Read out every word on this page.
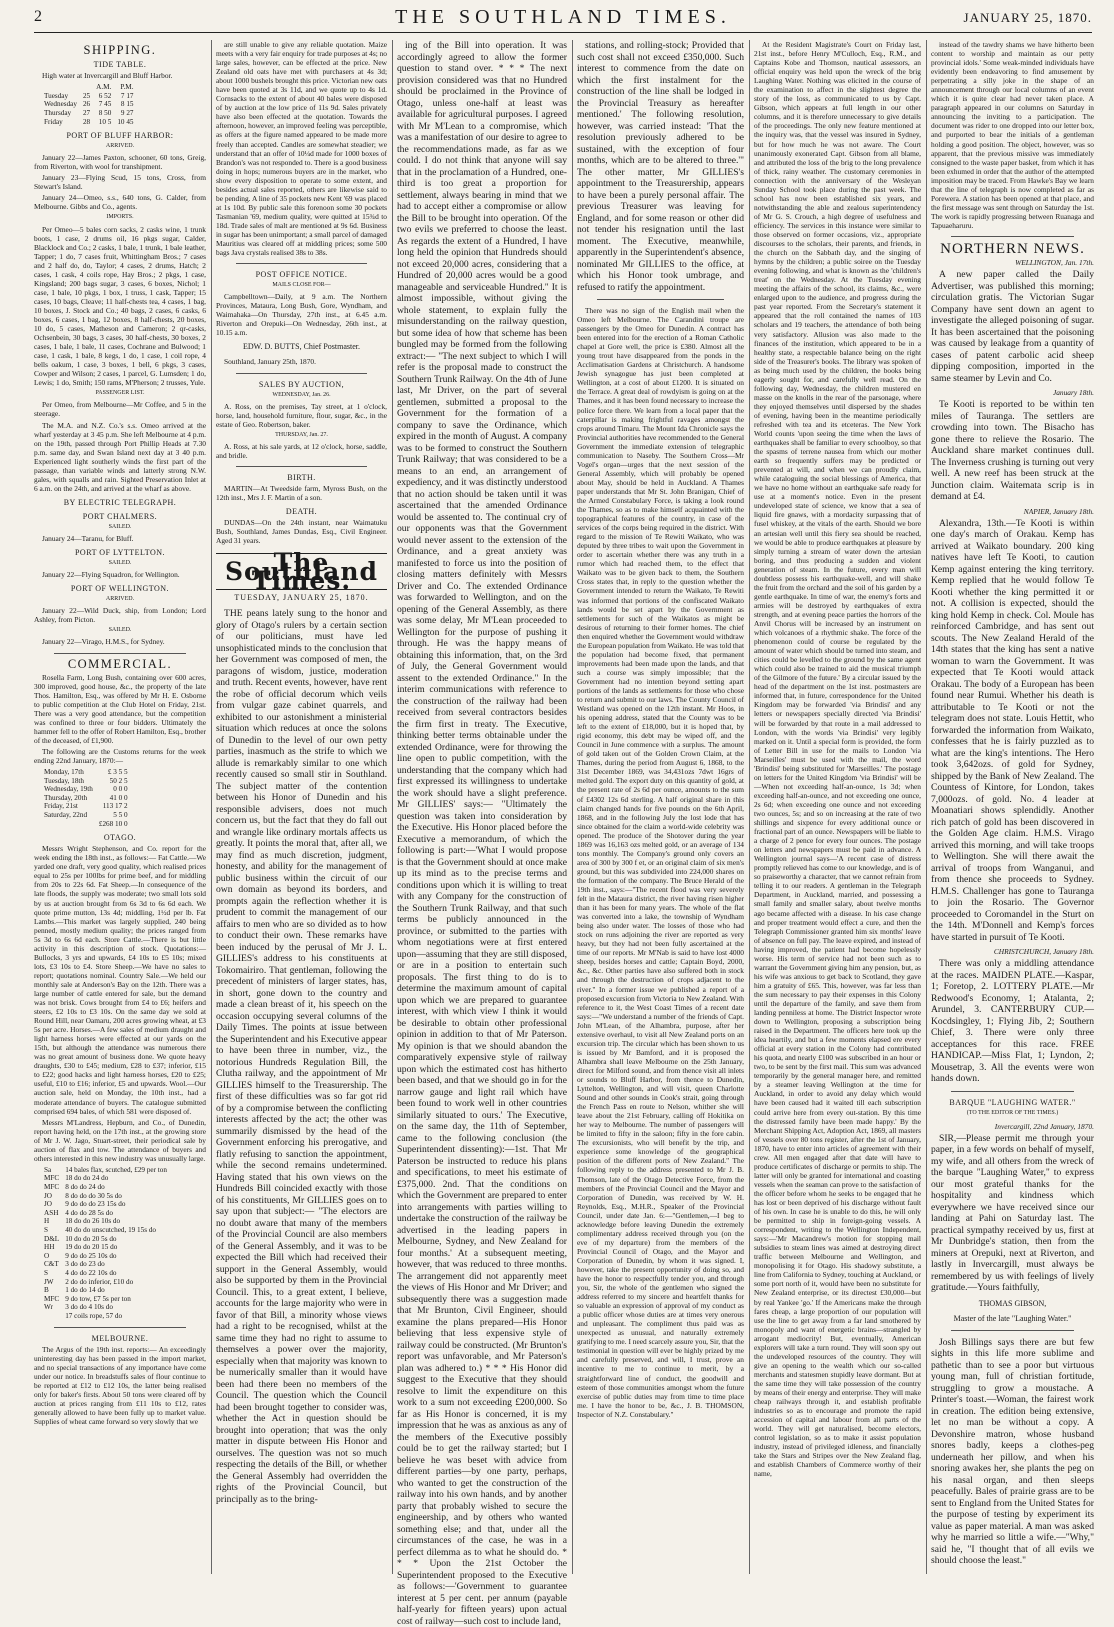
2	THE SOUTHLAND TIMES.	JANUARY 25, 1870.
SHIPPING.
TIDE TABLE.

High water at Invercargill and Bluff Harbor.

		A.M.	P.M.
Tuesday	25	6 52	7 17
Wednesday	26	7 45	8 15
Thursday	27	8 50	9 27
Friday	28	10 5	10 45
PORT OF BLUFF HARBOR:
ARRIVED.

January 22—James Paxton, schooner, 60 tons, Greig, from Riverton, with wool for transhipment.

January 23—Flying Scud, 15 tons, Cross, from Stewart's Island.

January 24—Omeo, s.s., 640 tons, G. Calder, from Melbourne. Gibbs and Co., agents.

IMPORTS.

Per Omeo—5 bales corn sacks, 2 casks wine, 1 trunk boots, 1 case, 2 drums oil, 16 pkgs sugar, Calder, Blacklock and Co.; 2 casks, 1 bale, 1 trunk, 1 bale leather, Tapper; 1 do, 7 cases fruit, Whittingham Bros.; 7 cases and 2 half do, do, Taylor; 4 cases, 2 drums, Hatch; 2 cases, 1 cask, 4 coils rope, Hay Bros.; 2 pkgs, 1 case, Kingsland; 200 bags sugar, 3 cases, 6 boxes, Nichol; 1 case, 1 bale, 10 pkgs, 1 box, 1 truss, 1 cask, Tapper; 15 cases, 10 bags, Cleave; 11 half-chests tea, 4 cases, 1 bag, 10 boxes, J. Stock and Co.; 40 bags, 2 cases, 6 casks, 6 boxes, 6 cases, 1 bag, 12 boxes, 8 half-chests, 20 boxes, 10 do, 5 cases, Matheson and Cameron; 2 qr-casks, Ochsenbein, 30 bags, 3 cases, 30 half-chests, 30 boxes, 2 cases, 1 bale, 1 bale, 11 cases, Cochrane and Bulwood; 1 case, 1 cask, 1 bale, 8 kegs, 1 do, 1 case, 1 coil rope, 4 bells oakum, 1 case, 3 boxes, 1 bell, 6 pkgs, 3 cases, Cowper and Wilson; 2 cases, 1 parcel, G. Lumsden; 1 do, Lewis; 1 do, Smith; 150 rams, M'Pherson; 2 trusses, Yule.

PASSENGER LIST.

Per Omeo, from Melbourne—Mr Coffee, and 5 in the steerage.

The M.A. and N.Z. Co.'s s.s. Omeo arrived at the wharf yesterday at 3 45 p.m. She left Melbourne at 4 p.m. on the 19th, passed through Port Phillip Heads at 7.30 p.m. same day, and Swan Island next day at 3 40 p.m. Experienced light southerly winds the first part of the passage, than variable winds and latterly strong N.W. gales, with squalls and rain. Sighted Preservation Inlet at 6 a.m. on the 24th, and arrived at the wharf as above.

BY ELECTRIC TELEGRAPH.
PORT CHALMERS.
SAILED.

January 24—Taranu, for Bluff.

PORT OF LYTTELTON.
SAILED.

January 22—Flying Squadron, for Wellington.

PORT OF WELLINGTON.
ARRIVED.

January 22—Wild Duck, ship, from London; Lord Ashley, from Picton.

SAILED.

January 22—Virago, H.M.S., for Sydney.

COMMERCIAL.

Rosella Farm, Long Bush, containing over 600 acres, 300 improved, good house, &c., the property of the late Thos. Hamilton, Esq., was offered by Mr H. E. Osborne to public competition at the Club Hotel on Friday, 21st. There was a very good attendance, but the competition was confined to three or four bidders. Ultimately the hammer fell to the offer of Robert Hamilton, Esq., brother of the deceased, of £1,900.

The following are the Customs returns for the week ending 22nd January, 1870:—

Monday, 17th	£ 3 5 5
Tuesday, 18th	50 2 5
Wednesday, 19th	0 0 0
Thursday, 20th	41 0 0
Friday, 21st	113 17 2
Saturday, 22nd	5 5 0
	£268 10 0
OTAGO.

Messrs Wright Stephenson, and Co. report for the week ending the 18th inst., as follows:— Fat Cattle.—We yarded one draft, very good quality, which realised prices equal to 25s per 100lbs for prime beef, and for middling from 20s to 22s 6d. Fat Sheep.—In consequence of the late floods, the supply was moderate; two small lots sold by us at auction brought from 6s 3d to 6s 6d each. We quote prime mutton, 13s 4d; middling, 1½d per lb. Fat Lambs.—This market was largely supplied, 240 being penned, mostly medium quality; the prices ranged from 5s 3d to 6s 6d each. Store Cattle.—There is but little activity in this description of stock. Quotations:—Bullocks, 3 yrs and upwards, £4 10s to £5 10s; mixed lots, £3 10s to £4. Store Sheep.—We have no sales to report; quotations nominal. Country Sale.—We held our monthly sale at Anderson's Bay on the 12th. There was a large number of cattle entered for sale, but the demand was not brisk. Cows brought from £4 to £6; heifers and steers, £2 10s to £3 10s. On the same day we sold at Round Hill, near Oamaru, 200 acres growing wheat, at £3 5s per acre. Horses.—A few sales of medium draught and light harness horses were effected at our yards on the 15th, but although the attendance was numerous there was no great amount of business done. We quote heavy draughts, £30 to £45; medium, £28 to £37; inferior, £15 to £22; good hacks and light harness horses, £20 to £25; useful, £10 to £16; inferior, £5 and upwards. Wool.—Our auction sale, held on Monday, the 10th inst., had a moderate attendance of buyers. The catalogue submitted comprised 694 bales, of which 581 were disposed of.

Messrs M'Landress, Hepburn, and Co., of Dunedin, report having held, on the 17th inst., at the growing store of Mr J. W. Jago, Stuart-street, their periodical sale by auction of flax and tow. The attendance of buyers and others interested in this new industry was unusually large.

Sa	14 bales flax, scutched, £29 per ton
MFC	18 do do 24 do
MFC	8 do do 24 do
JO	8 do do do 30 5s do
JO	9 do do do 23 15s do
ASH	4 do do 28 5s do
H	18 do do 26 10s do
S	40 do do unscutched, 19 15s do
D&L	10 do do 20 5s do
HH	19 do do 20 15 do
O	9 do do 25 10s do
C&T	3 do do 23 do
S	4 do do 22 10s do
JW	2 do do inferior, £10 do
B	1 do do 14 do
MFC	9 do tow, £7 5s per ton
Wr	3 do do 4 10s do
	17 coils rope, 57 do
MELBOURNE.

The Argus of the 19th inst. reports:— An exceedingly uninteresting day has been passed in the import market, and no special transactions of any importance have come under our notice. In breadstuffs sales of flour continue to be reported at £12 to £12 10s, the latter being realised only for baker's firsts. About 50 tons were cleared off by auction at prices ranging from £11 10s to £12, rates generally allowed to have been fully up to market value. Supplies of wheat came forward so very slowly that we

are still unable to give any reliable quotation. Maize meets with a very fair enquiry for trade purposes at 4s; no large sales, however, can be effected at the price. New Zealand old oats have met with purchasers at 4s 3d; about 1000 bushels brought this price. Victorian new oats have been quoted at 3s 11d, and we quote up to 4s 1d. Cornsacks to the extent of about 40 bales were disposed of by auction at the low price of 11s 9d. Sales privately have also been effected at the quotation. Towards the afternoon, however, an improved feeling was perceptible, as offers at the figure named appeared to be made more freely than accepted. Candles are somewhat steadier; we understand that an offer of 10¼d made for 1000 boxes of Brandon's was not responded to. There is a good business doing in hops; numerous buyers are in the market, who show every disposition to operate to some extent, and besides actual sales reported, others are likewise said to be pending. A line of 35 pockets new Kent '69 was placed at 1s 10d. By public sale this forenoon some 30 pockets Tasmanian '69, medium quality, were quitted at 15¾d to 18d. Trade sales of malt are mentioned at 9s 6d. Business in sugar has been unimportant; a small parcel of damaged Mauritius was cleared off at middling prices; some 500 bags Java crystals realised 38s to 38s.

POST OFFICE NOTICE.
MAILS CLOSE FOR—

Campbelltown—Daily, at 9 a.m. The Northern Provinces, Mataura, Long Bush, Gore, Wyndham, and Waimahaka—On Thursday, 27th inst., at 6.45 a.m. Riverton and Orepuki—On Wednesday, 26th inst., at 10.15 a.m.

EDW. D. BUTTS, Chief Postmaster.

Southland, January 25th, 1870.

SALES BY AUCTION,
WEDNESDAY, Jan. 26.

A. Ross, on the premises, Tay street, at 1 o'clock, horse, land, household furniture, flour, sugar, &c., in the estate of Geo. Robertson, baker.

THURSDAY, Jan. 27.

A. Ross, at his sale yards, at 12 o'clock, horse, saddle, and bridle.

BIRTH.

MARTIN—At Tweedside farm, Myross Bush, on the 12th inst., Mrs J. F. Martin of a son.

DEATH.

DUNDAS—On the 24th instant, near Waimatuku Bush, Southland, James Dundas, Esq., Civil Engineer. Aged 31 years.

The Southland Times.
TUESDAY, JANUARY 25, 1870.

THE peans lately sung to the honor and glory of Otago's rulers by a certain section of our politicians, must have led unsophisticated minds to the conclusion that her Government was composed of men, the paragons of wisdom, justice, moderation and truth. Recent events, however, have rent the robe of official decorum which veils from vulgar gaze cabinet quarrels, and exhibited to our astonishment a ministerial situation which reduces at once the solons of Dunedin to the level of our own petty parties, inasmuch as the strife to which we allude is remarkably similar to one which recently caused so small stir in Southland. The subject matter of the contention between his Honor of Dunedin and his responsible advisers, does not much concern us, but the fact that they do fall out and wrangle like ordinary mortals affects us greatly. It points the moral that, after all, we may find as much discretion, judgment, honesty, and ability for the management of public business within the circuit of our own domain as beyond its borders, and prompts again the reflection whether it is prudent to commit the management of our affairs to men who are so divided as to how to conduct their own. These remarks have been induced by the perusal of Mr J. L. GILLIES's address to his constituents at Tokomairiro. That gentleman, following the precedent of ministers of larger states, has, in short, gone down to the country and made a clean breast of it, his speech on the occasion occupying several columns of the Daily Times. The points at issue between the Superintendent and his Executive appear to have been three in number, viz., the notorious Hundreds Regulation Bill, the Clutha railway, and the appointment of Mr GILLIES himself to the Treasurership. The first of these difficulties was so far got rid of by a compromise between the conflicting interests affected by the act; the other was summarily dismissed by the head of the Government enforcing his prerogative, and flatly refusing to sanction the appointment, while the second remains undetermined. Having stated that his own views on the Hundreds Bill coincided exactly with those of his constituents, Mr GILLIES goes on to say upon that subject:— "The electors are no doubt aware that many of the members of the Provincial Council are also members of the General Assembly, and it was to be expected the Bill which had received their support in the General Assembly, would also be supported by them in the Provincial Council. This, to a great extent, I believe, accounts for the large majority who were in favor of that Bill, a minority whose views had a right to be recognised, whilst at the same time they had no right to assume to themselves a power over the majority, especially when that majority was known to be numerically smaller than it would have been had there been no members of the Council. The question which the Council had been brought together to consider was, whether the Act in question should be brought into operation; that was the only matter in dispute between His Honor and ourselves. The question was not so much respecting the details of the Bill, or whether the General Assembly had overridden the rights of the Provincial Council, but principally as to the bring-

ing of the Bill into operation. It was accordingly agreed to allow the former question to stand over. * * * The next provision considered was that no Hundred should be proclaimed in the Province of Otago, unless one-half at least was available for agricultural purposes. I agreed with Mr M'Lean to a compromise, which was a manifestation of our desire to agree to the recommendations made, as far as we could. I do not think that anyone will say that in the proclamation of a Hundred, one-third is too great a proportion for settlement, always bearing in mind that we had to accept either a compromise or allow the Bill to be brought into operation. Of the two evils we preferred to choose the least. As regards the extent of a Hundred, I have long held the opinion that Hundreds should not exceed 20,000 acres, considering that a Hundred of 20,000 acres would be a good manageable and serviceable Hundred." It is almost impossible, without giving the whole statement, to explain fully the misunderstanding on the railway question, but some idea of how that scheme has been bungled may be formed from the following extract:— "The next subject to which I will refer is the proposal made to construct the Southern Trunk Railway. On the 4th of June last, Mr Driver, on the part of several gentlemen, submitted a proposal to the Government for the formation of a company to save the Ordinance, which expired in the month of August. A company was to be formed to construct the Southern Trunk Railway; that was considered to be a means to an end, an arrangement of expediency, and it was distinctly understood that no action should be taken until it was ascertained that the amended Ordinance would be assented to. The continual cry of our opponents was that the Government would never assent to the extension of the Ordinance, and a great anxiety was manifested to force us into the position of closing matters definitely with Messrs Driver and Co. The extended Ordinance was forwarded to Wellington, and on the opening of the General Assembly, as there was some delay, Mr M'Lean proceeded to Wellington for the purpose of pushing it through. He was the happy means of obtaining this information, that, on the 3rd of July, the General Government would assent to the extended Ordinance." In the interim communications with reference to the construction of the railway had been received from several contractors besides the firm first in treaty. The Executive, thinking better terms obtainable under the extended Ordinance, were for throwing the line open to public competition, with the understanding that the company which had first expressed its willingness to undertake the work should have a slight preference. Mr GILLIES' says:— "Ultimately the question was taken into consideration by the Executive. His Honor placed before the Executive a memorandum, of which the following is part:—'What I would propose is that the Government should at once make up its mind as to the precise terms and conditions upon which it is willing to treat with any Company for the construction of the Southern Trunk Railway, and that such terms be publicly announced in the province, or submitted to the parties with whom negotiations were at first entered upon—assuming that they are still disposed, or are in a position to entertain such proposals. The first thing to do is to determine the maximum amount of capital upon which we are prepared to guarantee interest, with which view I think it would be desirable to obtain other professional opinion in addition to that of Mr Paterson. My opinion is that we should abandon the comparatively expensive style of railway upon which the estimated cost has hitherto been based, and that we should go in for the narrow gauge and light rail which have been found to work well in other countries similarly situated to ours.' The Executive, on the same day, the 11th of September, came to the following conclusion (the Superintendent dissenting):—1st. That Mr Paterson be instructed to reduce his plans and specifications, to meet his estimate of £375,000. 2nd. That the conditions on which the Government are prepared to enter into arrangements with parties willing to undertake the construction of the railway be advertised in the leading papers in Melbourne, Sydney, and New Zealand for four months.' At a subsequent meeting, however, that was reduced to three months. The arrangement did not apparently meet the views of His Honor and Mr Driver; and subsequently there was a suggestion made that Mr Brunton, Civil Engineer, should examine the plans prepared—His Honor believing that less expensive style of railway could be constructed. (Mr Brunton's report was unfavorable, and Mr Paterson's plan was adhered to.) * * * His Honor did suggest to the Executive that they should resolve to limit the expenditure on this work to a sum not exceeding £200,000. So far as His Honor is concerned, it is my impression that he was as anxious as any of the members of the Executive possibly could be to get the railway started; but I believe he was beset with advice from different parties—by one party, perhaps, who wanted to get the construction of the railway into his own hands, and by another party that probably wished to secure the engineership, and by others who wanted something else; and that, under all the circumstances of the case, he was in a perfect dilemma as to what he should do. * * * Upon the 21st October the Superintendent proposed to the Executive as follows:—'Government to guarantee interest at 5 per cent. per annum (payable half-yearly for fifteen years) upon actual cost of railway—such cost to include land,

stations, and rolling-stock; Provided that such cost shall not exceed £350,000. Such interest to commence from the date on which the first instalment for the construction of the line shall be lodged in the Provincial Treasury as hereafter mentioned.' The following resolution, however, was carried instead: 'That the resolution previously adhered to be sustained, with the exception of four months, which are to be altered to three.'" The other matter, Mr GILLIES's appointment to the Treasurership, appears to have been a purely personal affair. The previous Treasurer was leaving for England, and for some reason or other did not tender his resignation until the last moment. The Executive, meanwhile, apparently in the Superintendent's absence, nominated Mr GILLIES to the office, at which his Honor took umbrage, and refused to ratify the appointment.

There was no sign of the English mail when the Omeo left Melbourne. The Carandini troupe are passengers by the Omeo for Dunedin. A contract has been entered into for the erection of a Roman Catholic chapel at Gore well, the price is £380. Almost all the young trout have disappeared from the ponds in the Acclimatisation Gardens at Christchurch. A handsome Jewish synagogue has just been completed at Wellington, at a cost of about £1200. It is situated on the Terrace. A great deal of rowdyism is going on at the Thames, and it has been found necessary to increase the police force there. We learn from a local paper that the caterpillar is making frightful ravages amongst the crops around Timaru. The Mount Ida Chronicle says the Provincial authorities have recommended to the General Government the immediate extension of telegraphic communication to Naseby. The Southern Cross—Mr Vogel's organ—urges that the next session of the General Assembly, which will probably be opened about May, should be held in Auckland. A Thames paper understands that Mr St. John Branigan, Chief of the Armed Constabulary Force, is taking a look round the Thames, so as to make himself acquainted with the topographical features of the country, in case of the services of the corps being required in the district. With regard to the mission of Te Rewiti Waikato, who was deputed by three tribes to wait upon the Government in order to ascertain whether there was any truth in a rumor which had reached them, to the effect that Waikato was to be given back to them, the Southern Cross states that, in reply to the question whether the Government intended to return the Waikato, Te Rewiti was informed that portions of the confiscated Waikato lands would be set apart by the Government as settlements for such of the Waikatos as might be desirous of returning to their former homes. The chief then enquired whether the Government would withdraw the European population from Waikato. He was told that the population had become fixed, that permanent improvements had been made upon the lands, and that such a course was simply impossible; that the Government had no intention beyond setting apart portions of the lands as settlements for those who chose to return and submit to our laws. The County Council of Westland was opened on the 12th instant. Mr Hoos, in his opening address, stated that the County was to be left to the extent of £18,000, but it is hoped that, by rigid economy, this debt may be wiped off, and the Council in June commence with a surplus. The amount of gold taken out of the Golden Crown Claim, at the Thames, during the period from August 6, 1868, to the 31st December 1869, was 34,431ozs 7dwt 16grs of melted gold. The export duty on this quantity of gold, at the present rate of 2s 6d per ounce, amounts to the sum of £4302 12s 6d sterling. A half original share in this claim changed hands for five pounds on the 6th April, 1868, and in the following July the lost lode that has since obtained for the claim a world-wide celebrity was opened. The produce of the Shotover during the year 1869 was 16,163 ozs melted gold, or an average of 134 tons monthly. The Company's ground only covers an area of 300 by 300 f et, or an original claim of six men's ground, but this was subdivided into 224,000 shares on the formation of the company. The Bruce Herald of the 19th inst., says:—"The recent flood was very severely felt in the Mataura district, the river having risen higher than it has been for many years. The whole of the flat was converted into a lake, the township of Wyndham being also under water. The losses of those who had stock on runs adjoining the river are reported as very heavy, but they had not been fully ascertained at the time of our reports. Mr M'Nab is said to have lost 4000 sheep, besides horses and cattle; Captain Boyd, 2000, &c., &c. Other parties have also suffered both in stock and through the destruction of crops adjacent to the river." In a former issue we published a report of a proposed excursion from Victoria to New Zealand. With reference to it, the West Coast Times of a recent date says:—"We understand a number of the friends of Capt. John M'Lean, of the Alhambra, purpose, after her extensive overhaul, to visit all New Zealand ports on an excursion trip. The circular which has been shown to us is issued by Mr Bamford, and it is proposed the Alhambra shall leave Melbourne on the 25th January, direct for Milford sound, and from thence visit all inlets or sounds to Bluff Harbor, from thence to Dunedin, Lyttelton, Wellington, and will visit, queen Charlotte Sound and other sounds in Cook's strait, going through the French Pass en route to Nelson, whither she will leave about the 21st February, calling off Hokitika on her way to Melbourne. The number of passengers will be limited to fifty in the saloon; fifty in the fore cabin. The excursionists, who will benefit by the trip, and experience some knowledge of the geographical position of the different ports of New Zealand." The following reply to the address presented to Mr J. B. Thomson, late of the Otago Detective Force, from the members of the Provincial Council and the Mayor and Corporation of Dunedin, was received by W. H. Reynolds, Esq., M.H.R., Speaker of the Provincial Council, under date Jan. 6:—"Gentlemen,—I beg to acknowledge before leaving Dunedin the extremely complimentary address received through you (on the eve of my departure) from the members of the Provincial Council of Otago, and the Mayor and Corporation of Dunedin, by whom it was signed. I, however, take the present opportunity of doing so, and have the honor to respectfully tender you, and through you, Sir, the whole of the gentlemen who signed the address referred to my sincere and heartfelt thanks for so valuable an expression of approval of my conduct as a public officer whose duties are at times very onerous and unpleasant. The compliment thus paid was as unexpected as unusual, and naturally extremely gratifying to me. I need scarcely assure you, Sir, that the testimonial in question will ever be highly prized by me and carefully preserved, and will, I trust, prove an incentive to me to continue to merit, by a straightforward line of conduct, the goodwill and esteem of those communities amongst whom the future exercise of public duties may from time to time place me. I have the honor to be, &c., J. B. THOMSON, Inspector of N.Z. Constabulary."

At the Resident Magistrate's Court on Friday last, 21st inst., before Henry M'Culloch, Esq., R.M., and Captains Kobe and Thomson, nautical assessors, an official enquiry was held upon the wreck of the brig Laughing Water. Nothing was elicited in the course of the examination to affect in the slightest degree the story of the loss, as communicated to us by Capt. Gibson, which appears at full length in our other columns, and it is therefore unnecessary to give details of the proceedings. The only new feature mentioned at the inquiry was, that the vessel was insured in Sydney, but for how much he was not aware. The Court unanimously exonerated Capt. Gibson from all blame, and attributed the loss of the brig to the long prevalence of thick, rainy weather. The customary ceremonies in connection with the anniversary of the Wesleyan Sunday School took place during the past week. The school has now been established six years, and notwithstanding the able and zealous superintendency of Mr G. S. Crouch, a high degree of usefulness and efficiency. The services in this instance were similar to those observed on former occasions, viz., appropriate discourses to the scholars, their parents, and friends, in the church on the Sabbath day, and the singing of hymns by the children; a public soiree on the Tuesday evening following, and what is known as the 'children's treat' on the Wednesday. At the Tuesday evening meeting the affairs of the school, its claims, &c., were enlarged upon to the audience, and progress during the past year reported. From the Secretary's statement it appeared that the roll contained the names of 103 scholars and 19 teachers, the attendance of both being very satisfactory. Allusion was also made to the finances of the institution, which appeared to be in a healthy state, a respectable balance being on the right side of the Treasurer's books. The library was spoken of as being much used by the children, the books being eagerly sought for, and carefully well read. On the following day, Wednesday, the children mustered en masse on the knolls in the rear of the parsonage, where they enjoyed themselves until dispersed by the shades of evening, having been in the meantime periodically refreshed with tea and its etceteras. The New York World counts 'upon seeing the time when the laws of earthquakes shall be familiar to every schoolboy, so that the spasms of terrene nausea from which our mother earth so frequently suffers may be predicted or prevented at will, and when we can proudly claim, while cataloguing the social blessings of America, that we have no home without an earthquake safe ready for use at a moment's notice. Even in the present undeveloped state of science, we know that a sea of liquid fire gnaws, with a mordacity surpassing that of fusel whiskey, at the vitals of the earth. Should we bore an artesian well until this fiery sea should be reached, we would be able to produce earthquakes at pleasure by simply turning a stream of water down the artesian boring, and thus producing a sudden and violent generation of steam. In the future, every man will doubtless possess his earthquake-well, and will shake the fruit from the orchard and the soil of his garden by a gentle earthquake. In time of war, the enemy's forts and armies will be destroyed by earthquakes of extra strength, and at evening peace parties the horrors of the Anvil Chorus will be increased by an instrument on which volcanoes of a rhythmic shake. The force of the phenomenon could of course be regulated by the amount of water which should be turned into steam, and cities could be levelled to the ground by the same agent which could also be trained to aid the musical triumph of the Gilmore of the future.' By a circular issued by the head of the department on the 1st inst. postmasters are informed that, in future, correspondence for the United Kingdom may be forwarded 'via Brindisi' and any letters or newspapers specially directed 'via Brindisi' will be forwarded by that route in a mail addressed to London, with the words 'via Brindisi' very legibly marked on it. Until a special form is provided, the form of Letter Bill in use for the mails to London 'via Marseilles' must be used with the mail, the word 'Brindisi' being substituted for 'Marseilles.' The postage on letters for the United Kingdom 'via Brindisi' will be—When not exceeding half-an-ounce, 1s 3d; when exceeding half-an-ounce, and not exceeding one ounce, 2s 6d; when exceeding one ounce and not exceeding two ounces, 5s; and so on increasing at the rate of two shillings and sixpence for every additional ounce or fractional part of an ounce. Newspapers will be liable to a charge of 2 pence for every four ounces. The postage on letters and newspapers must be paid in advance. A Wellington journal says—'A recent case of distress promptly relieved has come to our knowledge, and is of so praiseworthy a character, that we cannot refrain from telling it to our readers. A gentleman in the Telegraph Department, in Auckland, married, and possessing a small family and smaller salary, about twelve months ago became affected with a disease. In his case change and proper treatment would effect a cure, and then the Telegraph Commissioner granted him six months' leave of absence on full pay. The leave expired, and instead of having improved, the patient had become hopelessly worse. His term of service had not been such as to warrant the Government giving him any pension, but, as his wife was anxious to get back to Scotland, they gave him a gratuity of £65. This, however, was far less than the sum necessary to pay their expenses in this Colony until the departure of the family, and save them from landing penniless at home. The District Inspector wrote down to Wellington, proposing a subscription being raised in the Department. The officers here took up the idea heartily, and but a few moments elapsed ere every official at every station in the Colony had contributed his quota, and nearly £100 was subscribed in an hour or two, to be sent by the first mail. This sum was advanced temporarily by the general manager here, and remitted by a steamer leaving Wellington at the time for Auckland, in order to avoid any delay which would have been caused had it waited till each subscription could arrive here from every out-station. By this time the distressed family have been made happy.' By the Merchant Shipping Act, Adoption Act, 1869, all masters of vessels over 80 tons register, after the 1st of January, 1870, have to enter into articles of agreement with their crew. All men engaged after that date will have to produce certificates of discharge or permits to ship. The latter will only be granted for international and coasting vessels when the seaman can prove to the satisfaction of the officer before whom he seeks to be engaged that he has lost or been deprived of his discharge without fault of his own. In case he is unable to do this, he will only be permitted to ship in foreign-going vessels. A correspondent, writing to the Wellington Independent, says:—'Mr Macandrew's motion for stopping mail subsidies to steam lines was aimed at destroying direct traffic between Melbourne and Wellington, and monopolising it for Otago. His shadowy substitute, a line from California to Sydney, touching at Auckland, or some port north of it, would have been no substitute for New Zealand enterprise, or its directest £30,000—but by real Yankee 'go.' If the Americans make the through fares cheap, a large proportion of our population will use the line to get away from a far land smothered by monopoly and want of energetic brains—strangled by arrogant mediocrity! But, eventually, American explorers will take a turn round. They will soon spy out the undeveloped resources of the country. They will give an opening to the wealth which our so-called merchants and statesmen stupidly leave dormant. But at the same time they will take possession of the country by means of their energy and enterprise. They will make cheap railways through it, and establish profitable industries so as to encourage and promote the rapid accession of capital and labour from all parts of the world. They will get naturalised, become electors, control legislation, so as to make it assist population industry, instead of privileged idleness, and financially take the Stars and Stripes over the New Zealand flag, and establish Chambers of Commerce worthy of their name,

instead of the tawdry shams we have hitherto been content to worship and maintain as our petty provincial idols.' Some weak-minded individuals have evidently been endeavoring to find amusement by perpetrating a silly joke in the shape of an announcement through our local columns of an event which it is quite clear had never taken place. A paragraph appeared in our columns on Saturday in announcing the inviting to a participation. The document was rider to one dropped into our letter box, and purported to bear the initials of a gentleman holding a good position. The object, however, was so apparent, that the previous missive was immediately consigned to the waste paper basket, from which it has been exhumed in order that the author of the attempted imposition may be traced. From Hawke's Bay we learn that the line of telegraph is now completed as far as Porewera. A station has been opened at that place, and the first message was sent through on Saturday the 1st. The work is rapidly progressing between Ruanaga and Tapuaeharuru.

NORTHERN NEWS.
WELLINGTON, Jan. 17th.

A new paper called the Daily Advertiser, was published this morning; circulation gratis. The Victorian Sugar Company have sent down an agent to investigate the alleged poisoning of sugar. It has been ascertained that the poisoning was caused by leakage from a quantity of cases of patent carbolic acid sheep dipping composition, imported in the same steamer by Levin and Co.

January 18th.

Te Kooti is reported to be within ten miles of Tauranga. The settlers are crowding into town. The Bisacho has gone there to relieve the Rosario. The Auckland share market continues dull. The Inverness crushing is turning out very well. A new reef has been struck at the Junction claim. Waitemata scrip is in demand at £4.

NAPIER, January 18th.

Alexandra, 13th.—Te Kooti is within one day's march of Orakau. Kemp has arrived at Waikato boundary. 200 king natives have left Te Kooti, to caution Kemp against entering the king territory. Kemp replied that he would follow Te Kooti whether the king permitted it or not. A collision is expected, should the king hold Kemp in check. Col. Moule has reinforced Cambridge, and has sent out scouts. The New Zealand Herald of the 14th states that the king has sent a native woman to warn the Government. It was expected that Te Kooti would attack Orakau. The body of a European has been found near Rumui. Whether his death is attributable to Te Kooti or not the telegram does not state. Louis Hettit, who forwarded the information from Waikato, confesses that he is fairly puzzled as to what are the king's intentions. The Hero took 3,642ozs. of gold for Sydney, shipped by the Bank of New Zealand. The Countess of Kintore, for London, takes 7,000ozs. of gold. No. 4 leader at Moanatiari shows splendidly. Another rich patch of gold has been discovered in the Golden Age claim. H.M.S. Virago arrived this morning, and will take troops to Wellington. She will there await the arrival of troops from Wanganui, and from thence she proceeds to Sydney. H.M.S. Challenger has gone to Tauranga to join the Rosario. The Governor proceeded to Coromandel in the Sturt on the 14th. M'Donnell and Kemp's forces have started in pursuit of Te Kooti.

CHRISTCHURCH, January 18th.

There was only a middling attendance at the races. MAIDEN PLATE.—Kaspar, 1; Foretop, 2. LOTTERY PLATE.—Mr Redwood's Economy, 1; Atalanta, 2; Arundel, 3. CANTERBURY CUP.—Kocdsingley, 1; Flying Jib, 2; Southern Chief, 3. There were only three acceptances for this race. FREE HANDICAP.—Miss Flat, 1; Lyndon, 2; Mousetrap, 3. All the events were won hands down.

BARQUE "LAUGHING WATER."
(TO THE EDITOR OF THE TIMES.)
Invercargill, 22nd January, 1870.

SIR,—Please permit me through your paper, in a few words on behalf of myself, my wife, and all others from the wreck of the barque "Laughing Water," to express our most grateful thanks for the hospitality and kindness which everywhere we have received since our landing at Pahi on Saturday last. The practical sympathy received by us, first at Mr Dunbridge's station, then from the miners at Orepuki, next at Riverton, and lastly in Invercargill, must always be remembered by us with feelings of lively gratitude.—Yours faithfully,

THOMAS GIBSON,
Master of the late "Laughing Water."

Josh Billings says there are but few sights in this life more sublime and pathetic than to see a poor but virtuous young man, full of christian fortitude, struggling to grow a moustache. A Printer's toast.—Woman, the fairest work in creation. The edition being extensive, let no man be without a copy. A Devonshire matron, whose husband snores badly, keeps a clothes-peg underneath her pillow, and when his snoring awakes her, she plants the peg on his nasal organ, and then sleeps peacefully. Bales of prairie grass are to be sent to England from the United States for the purpose of testing by experiment its value as paper material. A man was asked why he married so little a wife.—"Why," said he, "I thought that of all evils we should choose the least."
